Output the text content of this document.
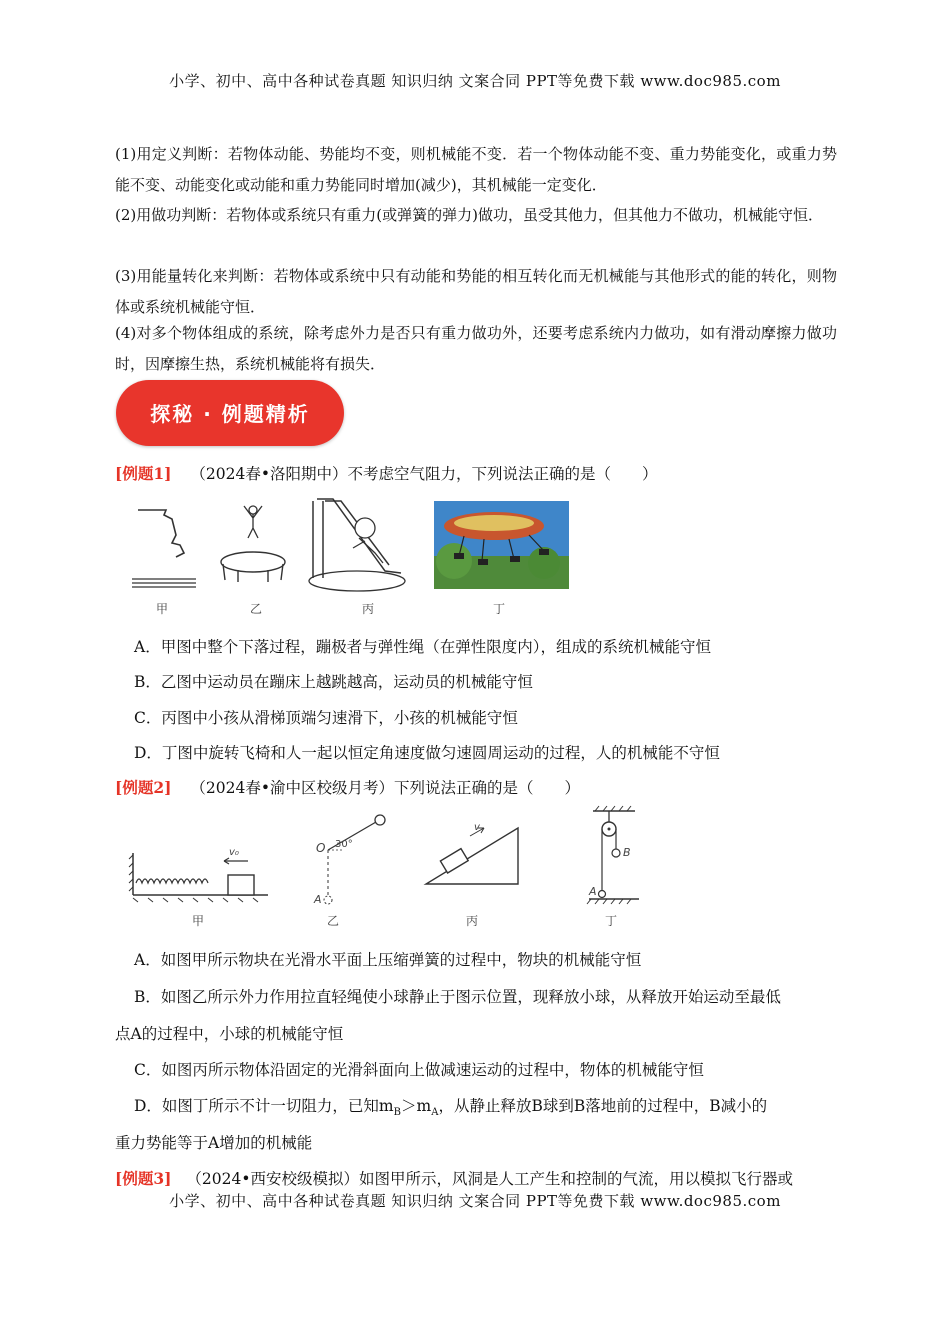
小学、初中、高中各种试卷真题 知识归纳 文案合同 PPT等免费下载 www.doc985.com
(1)用定义判断：若物体动能、势能均不变，则机械能不变．若一个物体动能不变、重力势能变化，或重力势能不变、动能变化或动能和重力势能同时增加(减少)，其机械能一定变化．
(2)用做功判断：若物体或系统只有重力(或弹簧的弹力)做功，虽受其他力，但其他力不做功，机械能守恒．
(3)用能量转化来判断：若物体或系统中只有动能和势能的相互转化而无机械能与其他形式的能的转化，则物体或系统机械能守恒．
(4)对多个物体组成的系统，除考虑外力是否只有重力做功外，还要考虑系统内力做功，如有滑动摩擦力做功时，因摩擦生热，系统机械能将有损失．
探秘 · 例题精析
[例题1] （2024春•洛阳期中）不考虑空气阻力，下列说法正确的是（　　）
甲	乙	丙	丁
A．甲图中整个下落过程，蹦极者与弹性绳（在弹性限度内），组成的系统机械能守恒
B．乙图中运动员在蹦床上越跳越高，运动员的机械能守恒
C．丙图中小孩从滑梯顶端匀速滑下，小孩的机械能守恒
D．丁图中旋转飞椅和人一起以恒定角速度做匀速圆周运动的过程，人的机械能不守恒
[例题2] （2024春•渝中区校级月考）下列说法正确的是（　　）
v₀
甲
O 30°
A
乙
v
丙
B
A
丁
A．如图甲所示物块在光滑水平面上压缩弹簧的过程中，物块的机械能守恒
B．如图乙所示外力作用拉直轻绳使小球静止于图示位置，现释放小球，从释放开始运动至最低
点A的过程中，小球的机械能守恒
C．如图丙所示物体沿固定的光滑斜面向上做减速运动的过程中，物体的机械能守恒
D．如图丁所示不计一切阻力，已知$m_B>m_A$，从静止释放B球到B落地前的过程中，B减小的
重力势能等于A增加的机械能
[例题3] （2024•西安校级模拟）如图甲所示，风洞是人工产生和控制的气流，用以模拟飞行器或
小学、初中、高中各种试卷真题 知识归纳 文案合同 PPT等免费下载 www.doc985.com
